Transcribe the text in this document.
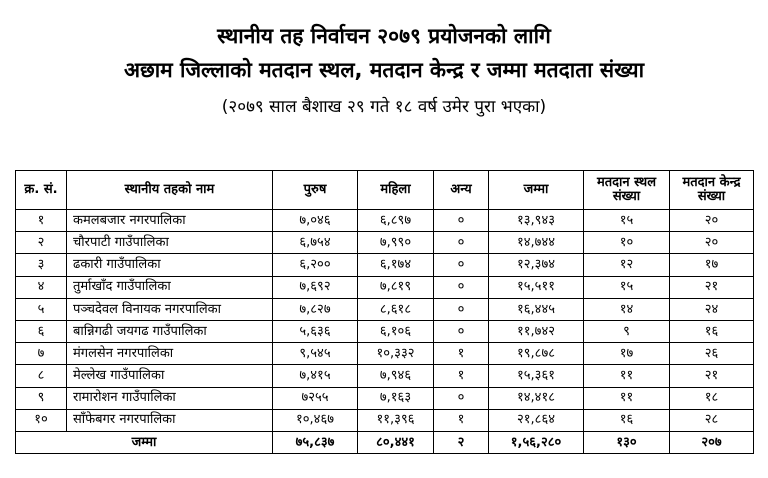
स्थानीय तह निर्वाचन २०७९ प्रयोजनको लागि
अछाम जिल्लाको मतदान स्थल, मतदान केन्द्र र जम्मा मतदाता संख्या
(२०७९ साल बैशाख २९ गते १८ वर्ष उमेर पुरा भएका)
क्र. सं.	स्थानीय तहको नाम	पुरुष	महिला	अन्य	जम्मा	मतदान स्थल संख्या	मतदान केन्द्र संख्या
१	कमलबजार नगरपालिका	७,०४६	६,८९७	०	१३,९४३	१५	२०
२	चौरपाटी गाउँपालिका	६,७५४	७,९९०	०	१४,७४४	१०	२०
३	ढकारी गाउँपालिका	६,२००	६,१७४	०	१२,३७४	१२	१७
४	तुर्माखाँद गाउँपालिका	७,६९२	७,८१९	०	१५,५११	१५	२१
५	पञ्चदेवल विनायक नगरपालिका	७,८२७	८,६१८	०	१६,४४५	१४	२४
६	बान्निगढी जयगढ गाउँपालिका	५,६३६	६,१०६	०	११,७४२	९	१६
७	मंगलसेन नगरपालिका	९,५४५	१०,३३२	१	१९,८७८	१७	२६
८	मेल्लेख गाउँपालिका	७,४१५	७,९४६	१	१५,३६१	११	२१
९	रामारोशन गाउँपालिका	७२५५	७,१६३	०	१४,४१८	११	१८
१०	साँफेबगर नगरपालिका	१०,४६७	११,३९६	१	२१,८६४	१६	२८
जम्मा		७५,८३७	८०,४४१	२	१,५६,२८०	१३०	२०७
